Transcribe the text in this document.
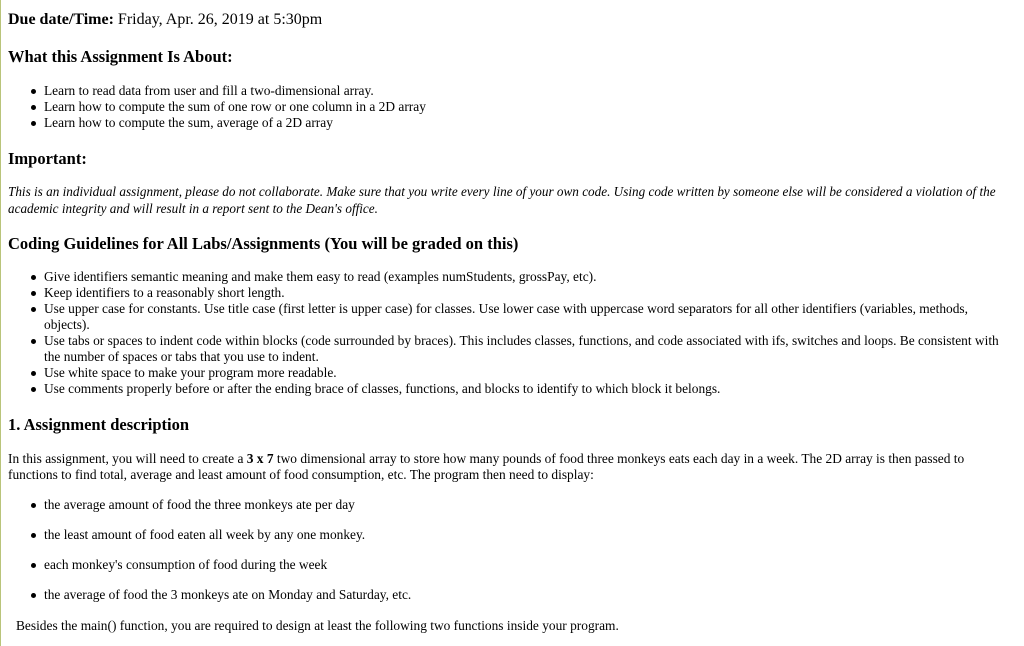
Due date/Time: Friday, Apr. 26, 2019 at 5:30pm
What this Assignment Is About:
Learn to read data from user and fill a two-dimensional array.
Learn how to compute the sum of one row or one column in a 2D array
Learn how to compute the sum, average of a 2D array
Important:
This is an individual assignment, please do not collaborate. Make sure that you write every line of your own code. Using code written by someone else will be considered a violation of the academic integrity and will result in a report sent to the Dean's office.
Coding Guidelines for All Labs/Assignments (You will be graded on this)
Give identifiers semantic meaning and make them easy to read (examples numStudents, grossPay, etc).
Keep identifiers to a reasonably short length.
Use upper case for constants. Use title case (first letter is upper case) for classes. Use lower case with uppercase word separators for all other identifiers (variables, methods, objects).
Use tabs or spaces to indent code within blocks (code surrounded by braces). This includes classes, functions, and code associated with ifs, switches and loops. Be consistent with the number of spaces or tabs that you use to indent.
Use white space to make your program more readable.
Use comments properly before or after the ending brace of classes, functions, and blocks to identify to which block it belongs.
1. Assignment description
In this assignment, you will need to create a 3 x 7 two dimensional array to store how many pounds of food three monkeys eats each day in a week. The 2D array is then passed to functions to find total, average and least amount of food consumption, etc. The program then need to display:
the average amount of food the three monkeys ate per day
the least amount of food eaten all week by any one monkey.
each monkey's consumption of food during the week
the average of food the 3 monkeys ate on Monday and Saturday, etc.
Besides the main() function, you are required to design at least the following two functions inside your program.
